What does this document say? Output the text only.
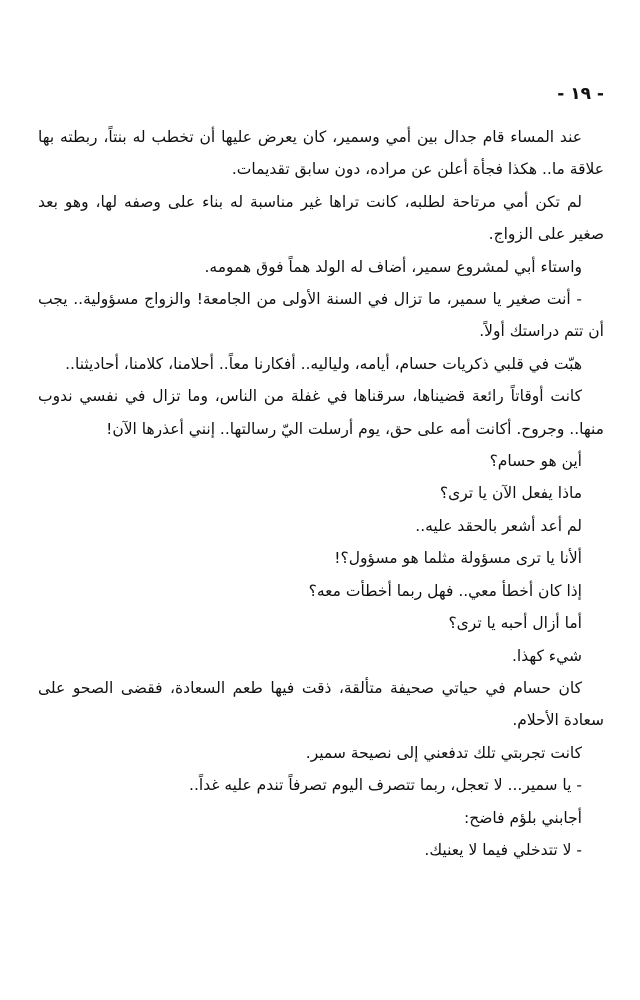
- ١٩ -

عند المساء قام جدال بين أمي وسمير، كان يعرض عليها أن تخطب له بنتاً، ربطته بها علاقة ما.. هكذا فجأة أعلن عن مراده، دون سابق تقديمات.

لم تكن أمي مرتاحة لطلبه، كانت تراها غير مناسبة له بناء على وصفه لها، وهو بعد صغير على الزواج.

واستاء أبي لمشروع سمير، أضاف له الولد هماً فوق همومه.

- أنت صغير يا سمير، ما تزال في السنة الأولى من الجامعة! والزواج مسؤولية.. يجب أن تتم دراستك أولاً.

هبّت في قلبي ذكريات حسام، أيامه، ولياليه.. أفكارنا معاً.. أحلامنا، كلامنا، أحاديثنا..

كانت أوقاتاً رائعة قضيناها، سرقناها في غفلة من الناس، وما تزال في نفسي ندوب منها.. وجروح. أكانت أمه على حق، يوم أرسلت اليّ رسالتها.. إنني أعذرها الآن!

أين هو حسام؟

ماذا يفعل الآن يا ترى؟

لم أعد أشعر بالحقد عليه..

ألأنا يا ترى مسؤولة مثلما هو مسؤول؟!

إذا كان أخطأ معي.. فهل ربما أخطأت معه؟

أما أزال أحبه يا ترى؟

شيء كهذا.

كان حسام في حياتي صحيفة متألقة، ذقت فيها طعم السعادة، فقضى الصحو على سعادة الأحلام.

كانت تجربتي تلك تدفعني إلى نصيحة سمير.

- يا سمير... لا تعجل، ربما تتصرف اليوم تصرفاً تندم عليه غداً..

أجابني بلؤم فاضح:

- لا تتدخلي فيما لا يعنيك.
